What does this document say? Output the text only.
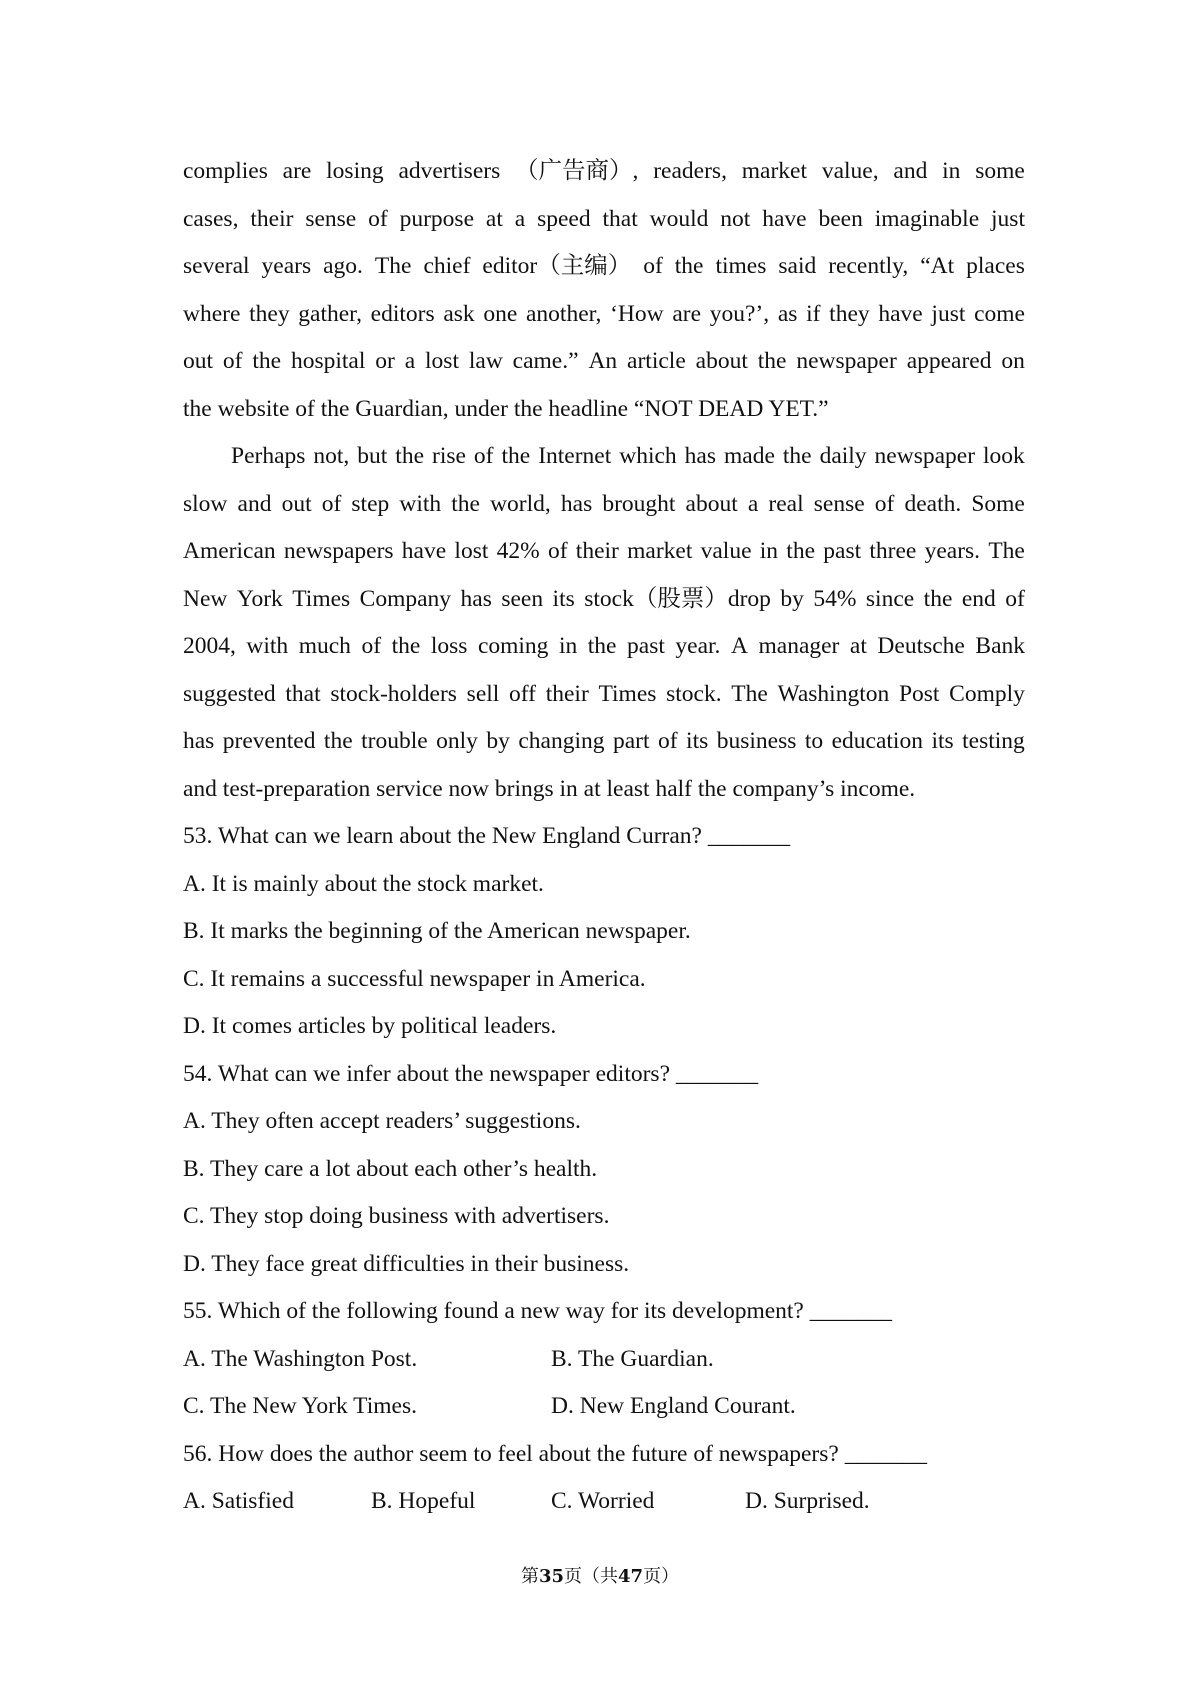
complies are losing advertisers （广告商）, readers, market value, and in some
cases, their sense of purpose at a speed that would not have been imaginable just
several years ago. The chief editor（主编） of the times said recently, “At places
where they gather, editors ask one another, ‘How are you?’, as if they have just come
out of the hospital or a lost law came.” An article about the newspaper appeared on
the website of the Guardian, under the headline “NOT DEAD YET.”
Perhaps not, but the rise of the Internet which has made the daily newspaper look
slow and out of step with the world, has brought about a real sense of death. Some
American newspapers have lost 42% of their market value in the past three years. The
New York Times Company has seen its stock（股票）drop by 54% since the end of
2004, with much of the loss coming in the past year. A manager at Deutsche Bank
suggested that stock-holders sell off their Times stock. The Washington Post Comply
has prevented the trouble only by changing part of its business to education its testing
and test-preparation service now brings in at least half the company’s income.
53. What can we learn about the New England Curran? _______
A. It is mainly about the stock market.
B. It marks the beginning of the American newspaper.
C. It remains a successful newspaper in America.
D. It comes articles by political leaders.
54. What can we infer about the newspaper editors? _______
A. They often accept readers’ suggestions.
B. They care a lot about each other’s health.
C. They stop doing business with advertisers.
D. They face great difficulties in their business.
55. Which of the following found a new way for its development? _______
A. The Washington Post.	B. The Guardian.
C. The New York Times.	D. New England Courant.
56. How does the author seem to feel about the future of newspapers? _______
A. Satisfied	B. Hopeful	C. Worried	D. Surprised.
第35页（共47页）
